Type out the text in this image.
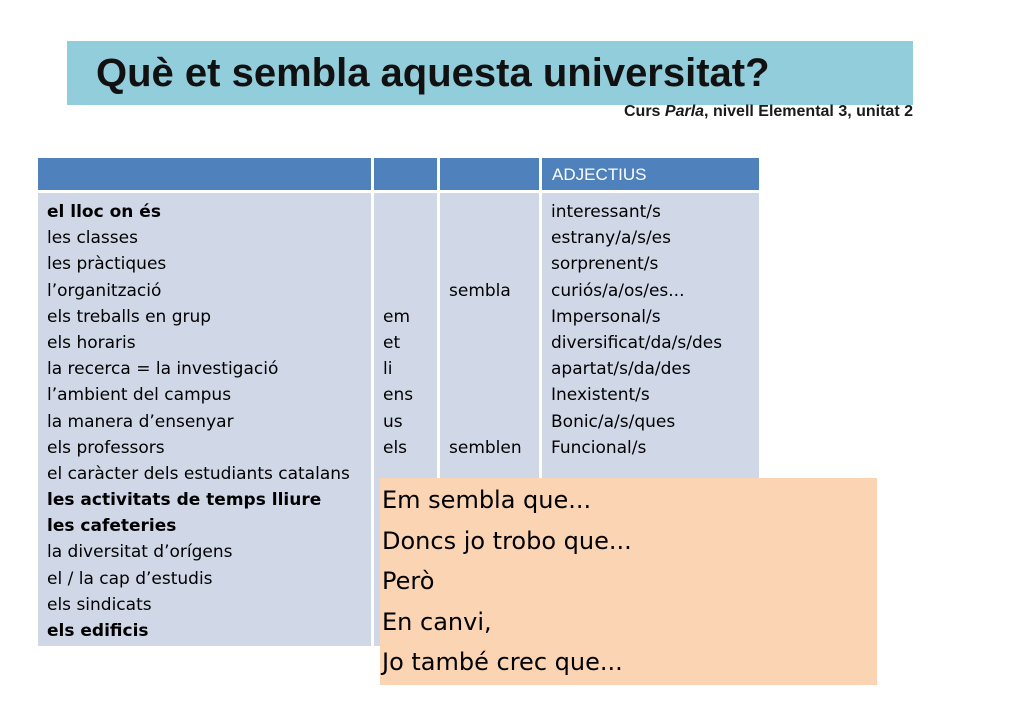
Què et sembla aquesta universitat?
Curs Parla, nivell Elemental 3, unitat 2
ADJECTIUS
el lloc on és
les classes
les pràctiques
l’organització
els treballs en grup
els horaris
la recerca = la investigació
l’ambient del campus
la manera d’ensenyar
els professors
el caràcter dels estudiants catalans
les activitats de temps lliure
les cafeteries
la diversitat d’orígens
el / la cap d’estudis
els sindicats
els edificis
em
et
li
ens
us
els
sembla
semblen
interessant/s
estrany/a/s/es
sorprenent/s
curiós/a/os/es...
Impersonal/s
diversificat/da/s/des
apartat/s/da/des
Inexistent/s
Bonic/a/s/ques
Funcional/s
Em sembla que...
Doncs jo trobo que...
Però
En canvi,
Jo també crec que...
